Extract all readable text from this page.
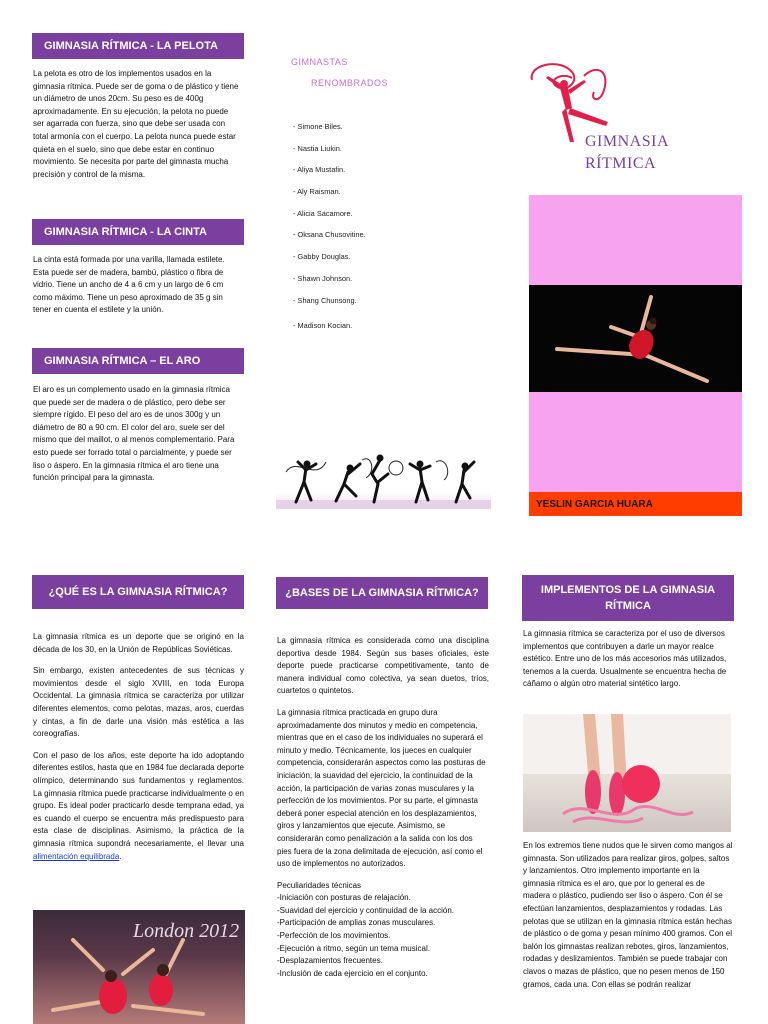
GIMNASIA RÍTMICA - LA PELOTA

La pelota es otro de los implementos usados en la gimnasia rítmica. Puede ser de goma o de plástico y tiene un diámetro de unos 20cm. Su peso es de 400g aproximadamente. En su ejecución, la pelota no puede ser agarrada con fuerza, sino que debe ser usada con total armonía con el cuerpo. La pelota nunca puede estar quieta en el suelo, sino que debe estar en continuo movimiento. Se necesita por parte del gimnasta mucha precisión y control de la misma.

GIMNASIA RÍTMICA - LA CINTA

La cinta está formada por una varilla, llamada estilete. Esta puede ser de madera, bambú, plástico o fibra de vidrio. Tiene un ancho de 4 a 6 cm y un largo de 6 cm como máximo. Tiene un peso aproximado de 35 g sin tener en cuenta el estilete y la unión.

GIMNASIA RÍTMICA – EL ARO

El aro es un complemento usado en la gimnasia rítmica que puede ser de madera o de plástico, pero debe ser siempre rígido. El peso del aro es de unos 300g y un diámetro de 80 a 90 cm. El color del aro, suele ser del mismo que del maillot, o al menos complementario. Para esto puede ser forrado total o parcialmente, y puede ser liso o áspero. En la gimnasia rítmica el aro tiene una función principal para la gimnasta.

GIMNASTAS
RENOMBRADOS
- Simone Biles.
- Nastia Liukin.
- Aliya Mustafin.
- Aly Raisman.
- Alicia Sacamore.
- Oksana Chusovitine.
- Gabby Douglas.
- Shawn Johnson.
- Shang Chunsong.
- Madison Kocian.
GIMNASIA
RÍTMICA
YESLIN GARCIA HUARA
¿QUÉ ES LA GIMNASIA RÍTMICA?

La gimnasia rítmica es un deporte que se originó en la década de los 30, en la Unión de Repúblicas Soviéticas.

Sin embargo, existen antecedentes de sus técnicas y movimientos desde el siglo XVIII, en toda Europa Occidental. La gimnasia rítmica se caracteriza por utilizar diferentes elementos, como pelotas, mazas, aros, cuerdas y cintas, a fin de darle una visión más estética a las coreografías.

Con el paso de los años, este deporte ha ido adoptando diferentes estilos, hasta que en 1984 fue declarada deporte olímpico, determinando sus fundamentos y reglamentos. La gimnasia rítmica puede practicarse individualmente o en grupo. Es ideal poder practicarlo desde temprana edad, ya es cuando el cuerpo se encuentra más predispuesto para esta clase de disciplinas. Asimismo, la práctica de la gimnasia rítmica supondrá necesariamente, el llevar una alimentación equilibrada.

London 2012
¿BASES DE LA GIMNASIA RÍTMICA?

La gimnasia rítmica es considerada como una disciplina deportiva desde 1984. Según sus bases oficiales, este deporte puede practicarse competitivamente, tanto de manera individual como colectiva, ya sean duetos, tríos, cuartetos o quintetos.

La gimnasia rítmica practicada en grupo dura aproximadamente dos minutos y medio en competencia, mientras que en el caso de los individuales no superará el minuto y medio. Técnicamente, los jueces en cualquier competencia, considerarán aspectos como las posturas de iniciación, la suavidad del ejercicio, la continuidad de la acción, la participación de varias zonas musculares y la perfección de los movimientos. Por su parte, el gimnasta deberá poner especial atención en los desplazamientos, giros y lanzamientos que ejecute. Asimismo, se considerarán como penalización a la salida con los dos pies fuera de la zona delimitada de ejecución, así como el uso de implementos no autorizados.

Peculiaridades técnicas

-Iniciación con posturas de relajación.
-Suavidad del ejercicio y continuidad de la acción.
-Participación de amplias zonas musculares.
-Perfección de los movimientos.
-Ejecución a ritmo, según un tema musical.
-Desplazamientos frecuentes.
-Inclusión de cada ejercicio en el conjunto.
IMPLEMENTOS DE LA GIMNASIA RÍTMICA

La gimnasia rítmica se caracteriza por el uso de diversos implementos que contribuyen a darle un mayor realce estético. Entre uno de los más accesorios más utilizados, tenemos a la cuerda. Usualmente se encuentra hecha de cáñamo o algún otro material sintético largo.

En los extremos tiene nudos que le sirven como mangos al gimnasta. Son utilizados para realizar giros, golpes, saltos y lanzamientos. Otro implemento importante en la gimnasia rítmica es el aro, que por lo general es de madera o plástico, pudiendo ser liso o áspero. Con él se efectúan lanzamientos, desplazamientos y rodadas. Las pelotas que se utilizan en la gimnasia rítmica están hechas de plástico o de goma y pesan mínimo 400 gramos. Con el balón los gimnastas realizan rebotes, giros, lanzamientos, rodadas y deslizamientos. También se puede trabajar con clavos o mazas de plástico, que no pesen menos de 150 gramos, cada una. Con ellas se podrán realizar
